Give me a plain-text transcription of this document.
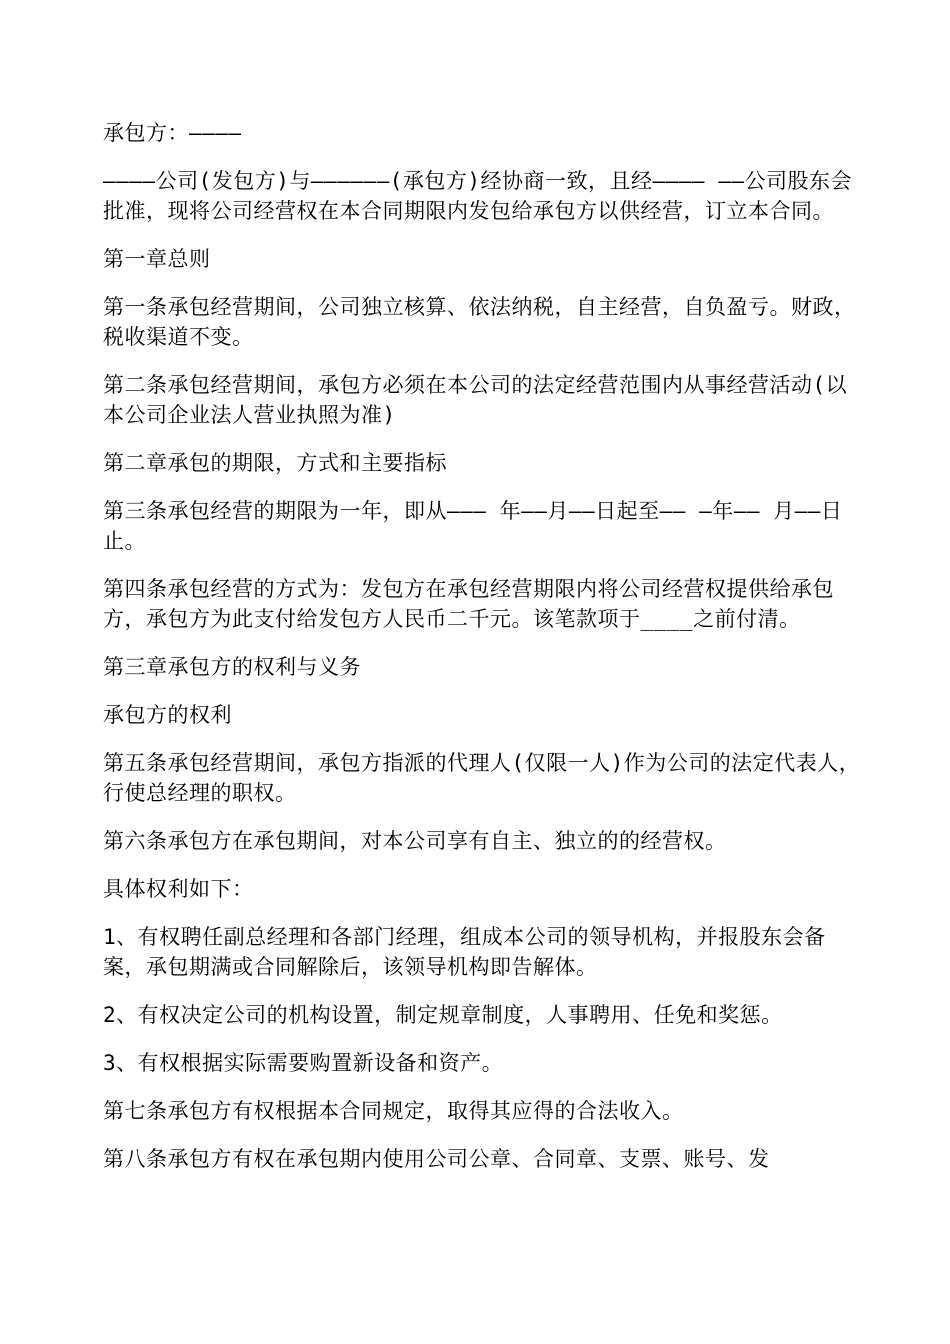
承包方：————

————公司(发包方)与——————(承包方)经协商一致，且经———— ——公司股东会批准，现将公司经营权在本合同期限内发包给承包方以供经营，订立本合同。

第一章总则

第一条承包经营期间，公司独立核算、依法纳税，自主经营，自负盈亏。财政，税收渠道不变。

第二条承包经营期间，承包方必须在本公司的法定经营范围内从事经营活动(以本公司企业法人营业执照为准)

第二章承包的期限，方式和主要指标

第三条承包经营的期限为一年，即从——— 年——月——日起至—— —年—— 月——日止。

第四条承包经营的方式为：发包方在承包经营期限内将公司经营权提供给承包方，承包方为此支付给发包方人民币二千元。该笔款项于____之前付清。

第三章承包方的权利与义务

承包方的权利

第五条承包经营期间，承包方指派的代理人(仅限一人)作为公司的法定代表人，行使总经理的职权。

第六条承包方在承包期间，对本公司享有自主、独立的的经营权。

具体权利如下：

1、有权聘任副总经理和各部门经理，组成本公司的领导机构，并报股东会备案，承包期满或合同解除后，该领导机构即告解体。

2、有权决定公司的机构设置，制定规章制度，人事聘用、任免和奖惩。

3、有权根据实际需要购置新设备和资产。

第七条承包方有权根据本合同规定，取得其应得的合法收入。

第八条承包方有权在承包期内使用公司公章、合同章、支票、账号、发
